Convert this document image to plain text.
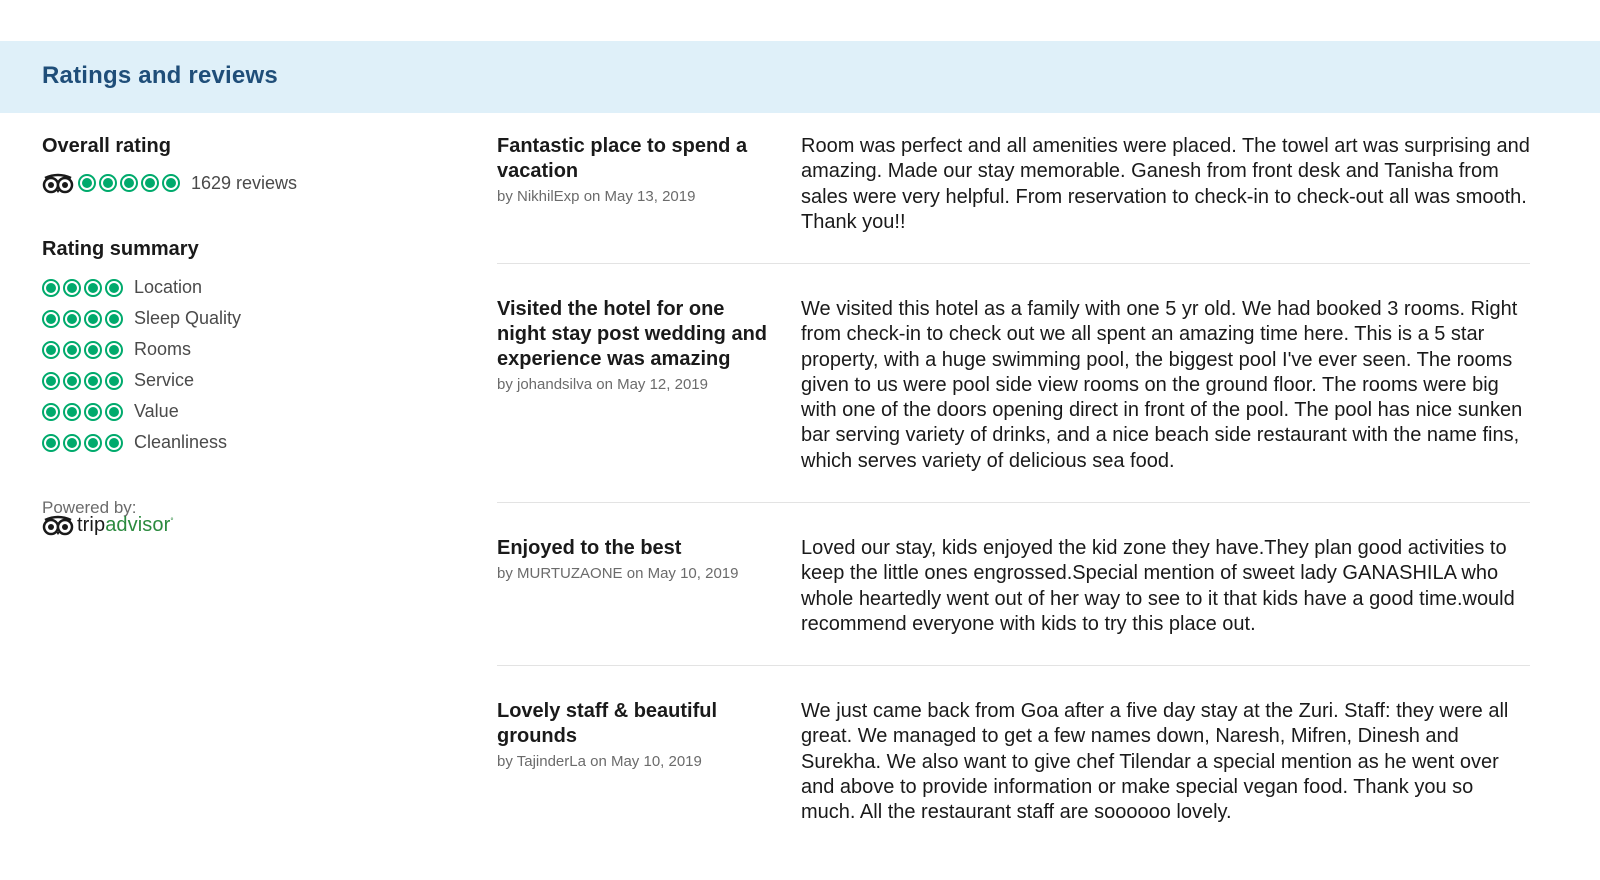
Ratings and reviews
Overall rating
1629 reviews
Rating summary
Location
Sleep Quality
Rooms
Service
Value
Cleanliness
Powered by:
tripadvisor°
Fantastic place to spend a vacation
by NikhilExp on May 13, 2019
Room was perfect and all amenities were placed. The towel art was surprising and amazing. Made our stay memorable. Ganesh from front desk and Tanisha from sales were very helpful. From reservation to check-in to check-out all was smooth. Thank you!!
Visited the hotel for one night stay post wedding and experience was amazing
by johandsilva on May 12, 2019
We visited this hotel as a family with one 5 yr old. We had booked 3 rooms. Right from check-in to check out we all spent an amazing time here. This is a 5 star property, with a huge swimming pool, the biggest pool I've ever seen. The rooms given to us were pool side view rooms on the ground floor. The rooms were big with one of the doors opening direct in front of the pool. The pool has nice sunken bar serving variety of drinks, and a nice beach side restaurant with the name fins, which serves variety of delicious sea food.
Enjoyed to the best
by MURTUZAONE on May 10, 2019
Loved our stay, kids enjoyed the kid zone they have.They plan good activities to keep the little ones engrossed.Special mention of sweet lady GANASHILA who whole heartedly went out of her way to see to it that kids have a good time.would recommend everyone with kids to try this place out.
Lovely staff & beautiful grounds
by TajinderLa on May 10, 2019
We just came back from Goa after a five day stay at the Zuri. Staff: they were all great. We managed to get a few names down, Naresh, Mifren, Dinesh and Surekha. We also want to give chef Tilendar a special mention as he went over and above to provide information or make special vegan food. Thank you so much. All the restaurant staff are soooooo lovely.
